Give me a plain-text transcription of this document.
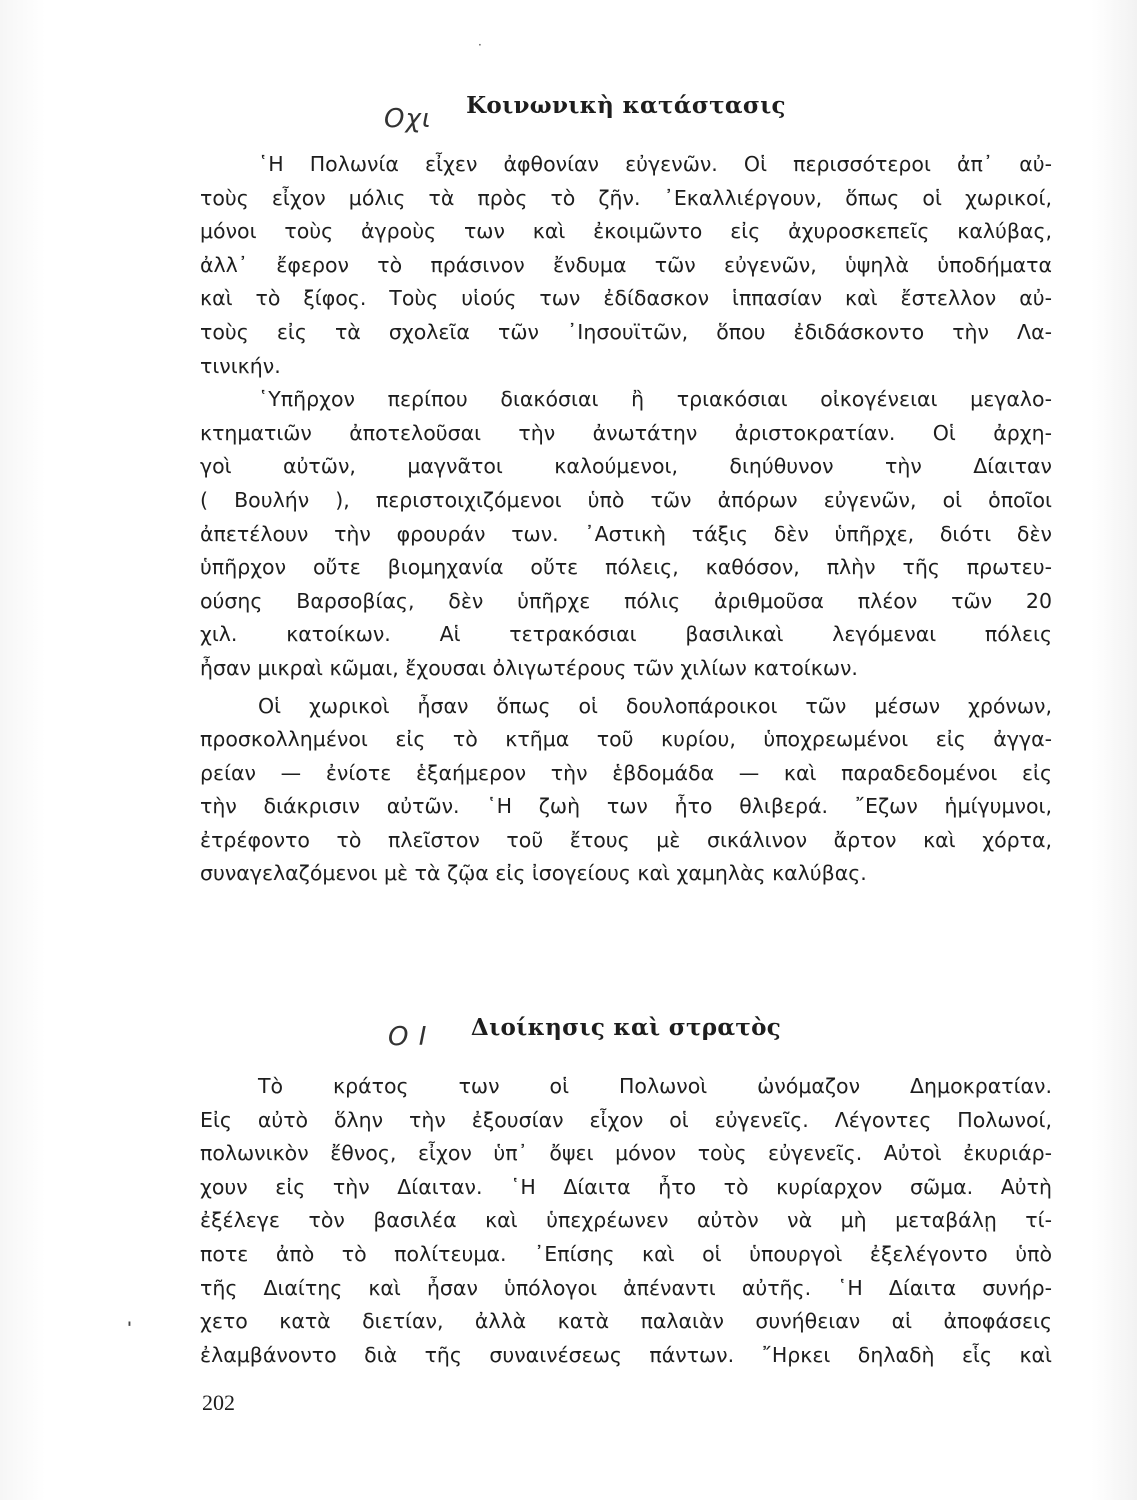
·
Οχι	Κοινωνικὴ κατάστασις
῾Η Πολωνία εἶχεν ἀφθονίαν εὐγενῶν. Οἱ περισσότεροι ἀπ᾽ αὐ-
τοὺς εἶχον μόλις τὰ πρὸς τὸ ζῆν. ᾿Εκαλλιέργουν, ὅπως οἱ χωρικοί,
μόνοι τοὺς ἀγροὺς των καὶ ἐκοιμῶντο εἰς ἀχυροσκεπεῖς καλύβας,
ἀλλ᾽ ἔφερον τὸ πράσινον ἔνδυμα τῶν εὐγενῶν, ὑψηλὰ ὑποδήματα
καὶ τὸ ξίφος. Τοὺς υἱούς των ἐδίδασκον ἱππασίαν καὶ ἔστελλον αὐ-
τοὺς εἰς τὰ σχολεῖα τῶν ᾿Ιησουϊτῶν, ὅπου ἐδιδάσκοντο τὴν Λα-
τινικήν.
῾Υπῆρχον περίπου διακόσιαι ἢ τριακόσιαι οἰκογένειαι μεγαλο-
κτηματιῶν ἀποτελοῦσαι τὴν ἀνωτάτην ἀριστοκρατίαν. Οἱ ἀρχη-
γοὶ αὐτῶν, μαγνᾶτοι καλούμενοι, διηύθυνον τὴν Δίαιταν
( Βουλήν ), περιστοιχιζόμενοι ὑπὸ τῶν ἀπόρων εὐγενῶν, οἱ ὁποῖοι
ἀπετέλουν τὴν φρουράν των. ᾿Αστικὴ τάξις δὲν ὑπῆρχε, διότι δὲν
ὑπῆρχον οὔτε βιομηχανία οὔτε πόλεις, καθόσον, πλὴν τῆς πρωτευ-
ούσης Βαρσοβίας, δὲν ὑπῆρχε πόλις ἀριθμοῦσα πλέον τῶν 20
χιλ. κατοίκων. Αἱ τετρακόσιαι βασιλικαὶ λεγόμεναι πόλεις
ἦσαν μικραὶ κῶμαι, ἔχουσαι ὀλιγωτέρους τῶν χιλίων κατοίκων.
Οἱ χωρικοὶ ἦσαν ὅπως οἱ δουλοπάροικοι τῶν μέσων χρόνων,
προσκολλημένοι εἰς τὸ κτῆμα τοῦ κυρίου, ὑποχρεωμένοι εἰς ἀγγα-
ρείαν — ἐνίοτε ἑξαήμερον τὴν ἑβδομάδα — καὶ παραδεδομένοι εἰς
τὴν διάκρισιν αὐτῶν. ῾Η ζωὴ των ἦτο θλιβερά. ῎Εζων ἡμίγυμνοι,
ἐτρέφοντο τὸ πλεῖστον τοῦ ἔτους μὲ σικάλινον ἄρτον καὶ χόρτα,
συναγελαζόμενοι μὲ τὰ ζῷα εἰς ἰσογείους καὶ χαμηλὰς καλύβας.
Ο Ι	Διοίκησις καὶ στρατὸς
Τὸ κράτος των οἱ Πολωνοὶ ὠνόμαζον Δημοκρατίαν.
Εἰς αὐτὸ ὅλην τὴν ἐξουσίαν εἶχον οἱ εὐγενεῖς. Λέγοντες Πολωνοί,
πολωνικὸν ἔθνος, εἶχον ὑπ᾽ ὄψει μόνον τοὺς εὐγενεῖς. Αὐτοὶ ἐκυριάρ-
χουν εἰς τὴν Δίαιταν. ῾Η Δίαιτα ἦτο τὸ κυρίαρχον σῶμα. Αὐτὴ
ἐξέλεγε τὸν βασιλέα καὶ ὑπεχρέωνεν αὐτὸν νὰ μὴ μεταβάλῃ τί-
ποτε ἀπὸ τὸ πολίτευμα. ᾿Επίσης καὶ οἱ ὑπουργοὶ ἐξελέγοντο ὑπὸ
τῆς Διαίτης καὶ ἦσαν ὑπόλογοι ἀπέναντι αὐτῆς. ῾Η Δίαιτα συνήρ-
χετο κατὰ διετίαν, ἀλλὰ κατὰ παλαιὰν συνήθειαν αἱ ἀποφάσεις
ἐλαμβάνοντο διὰ τῆς συναινέσεως πάντων. ῎Ηρκει δηλαδὴ εἷς καὶ
'
202
